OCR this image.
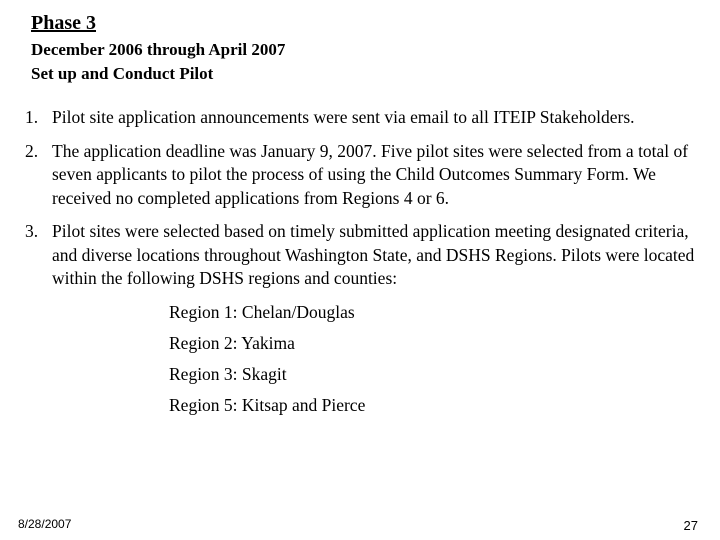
Phase 3

December 2006 through April 2007

Set up and Conduct Pilot

1. Pilot site application announcements were sent via email to all ITEIP Stakeholders.
2. The application deadline was January 9, 2007. Five pilot sites were selected from a total of seven applicants to pilot the process of using the Child Outcomes Summary Form. We received no completed applications from Regions 4 or 6.
3. Pilot sites were selected based on timely submitted application meeting designated criteria, and diverse locations throughout Washington State, and DSHS Regions. Pilots were located within the following DSHS regions and counties:
Region 1: Chelan/Douglas
Region 2: Yakima
Region 3: Skagit
Region 5: Kitsap and Pierce
8/28/2007	27
